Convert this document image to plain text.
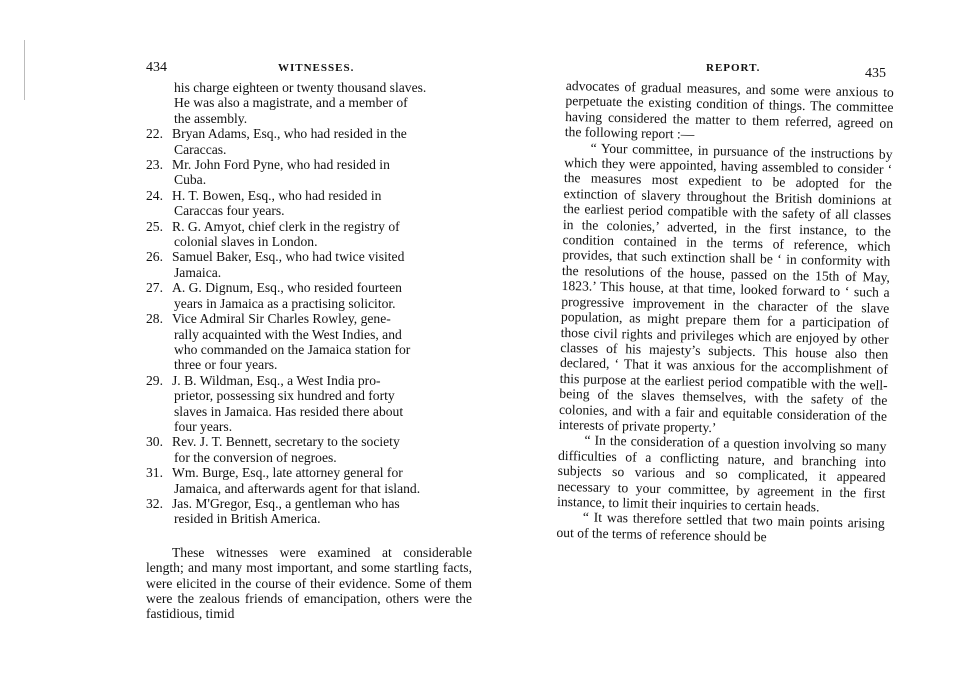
434	WITNESSES.
his charge eighteen or twenty thousand slaves.
He was also a magistrate, and a member of
the assembly.
22. Bryan Adams, Esq., who had resided in the
Caraccas.
23. Mr. John Ford Pyne, who had resided in
Cuba.
24. H. T. Bowen, Esq., who had resided in
Caraccas four years.
25. R. G. Amyot, chief clerk in the registry of
colonial slaves in London.
26. Samuel Baker, Esq., who had twice visited
Jamaica.
27. A. G. Dignum, Esq., who resided fourteen
years in Jamaica as a practising solicitor.
28. Vice Admiral Sir Charles Rowley, gene-
rally acquainted with the West Indies, and
who commanded on the Jamaica station for
three or four years.
29. J. B. Wildman, Esq., a West India pro-
prietor, possessing six hundred and forty
slaves in Jamaica. Has resided there about
four years.
30. Rev. J. T. Bennett, secretary to the society
for the conversion of negroes.
31. Wm. Burge, Esq., late attorney general for
Jamaica, and afterwards agent for that island.
32. Jas. M'Gregor, Esq., a gentleman who has
resided in British America.
These witnesses were examined at considerable length; and many most important, and some startling facts, were elicited in the course of their evidence. Some of them were the zealous friends of emancipation, others were the fastidious, timid
REPORT.	435
advocates of gradual measures, and some were anxious to perpetuate the existing condition of things. The committee having considered the matter to them referred, agreed on the following report :—
“ Your committee, in pursuance of the instructions by which they were appointed, having assembled to consider ‘ the measures most expedient to be adopted for the extinction of slavery throughout the British dominions at the earliest period compatible with the safety of all classes in the colonies,’ adverted, in the first instance, to the condition contained in the terms of reference, which provides, that such extinction shall be ‘ in conformity with the resolutions of the house, passed on the 15th of May, 1823.’ This house, at that time, looked forward to ‘ such a progressive improvement in the character of the slave population, as might prepare them for a participation of those civil rights and privileges which are enjoyed by other classes of his majesty’s subjects. This house also then declared, ‘ That it was anxious for the accomplishment of this purpose at the earliest period compatible with the well-being of the slaves themselves, with the safety of the colonies, and with a fair and equitable consideration of the interests of private property.’
“ In the consideration of a question involving so many difficulties of a conflicting nature, and branching into subjects so various and so complicated, it appeared necessary to your committee, by agreement in the first instance, to limit their inquiries to certain heads.
“ It was therefore settled that two main points arising out of the terms of reference should be
